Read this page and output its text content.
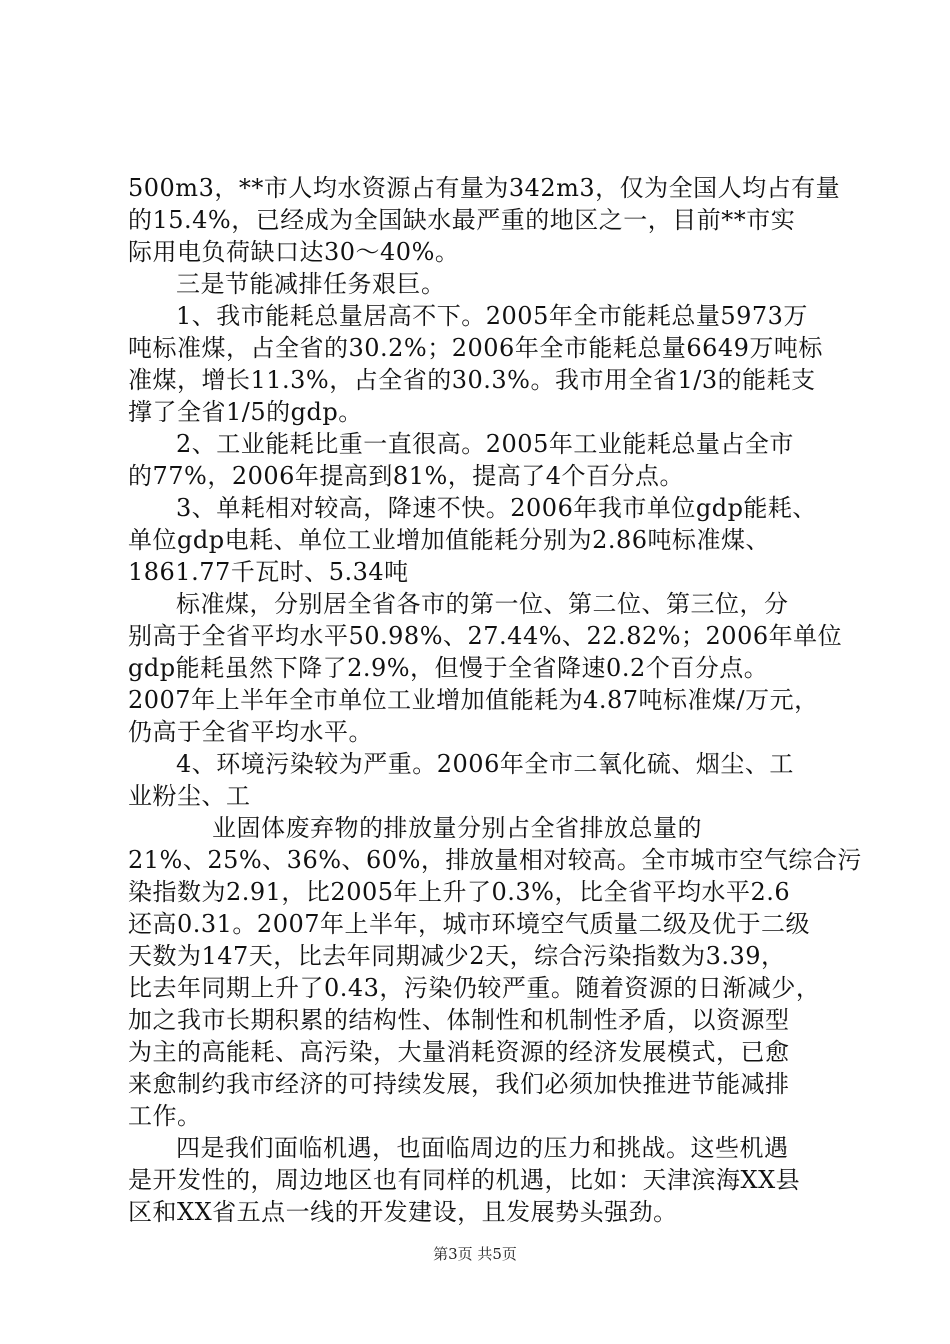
500m3，**市人均水资源占有量为342m3，仅为全国人均占有量
的15.4%，已经成为全国缺水最严重的地区之一，目前**市实
际用电负荷缺口达30～40%。
三是节能减排任务艰巨。
1、我市能耗总量居高不下。2005年全市能耗总量5973万
吨标准煤，占全省的30.2%；2006年全市能耗总量6649万吨标
准煤，增长11.3%，占全省的30.3%。我市用全省1/3的能耗支
撑了全省1/5的gdp。
2、工业能耗比重一直很高。2005年工业能耗总量占全市
的77%，2006年提高到81%，提高了4个百分点。
3、单耗相对较高，降速不快。2006年我市单位gdp能耗、
单位gdp电耗、单位工业增加值能耗分别为2.86吨标准煤、
1861.77千瓦时、5.34吨
标准煤，分别居全省各市的第一位、第二位、第三位，分
别高于全省平均水平50.98%、27.44%、22.82%；2006年单位
gdp能耗虽然下降了2.9%，但慢于全省降速0.2个百分点。
2007年上半年全市单位工业增加值能耗为4.87吨标准煤/万元，
仍高于全省平均水平。
4、环境污染较为严重。2006年全市二氧化硫、烟尘、工
业粉尘、工
业固体废弃物的排放量分别占全省排放总量的
21%、25%、36%、60%，排放量相对较高。全市城市空气综合污
染指数为2.91，比2005年上升了0.3%，比全省平均水平2.6
还高0.31。2007年上半年，城市环境空气质量二级及优于二级
天数为147天，比去年同期减少2天，综合污染指数为3.39，
比去年同期上升了0.43，污染仍较严重。随着资源的日渐减少，
加之我市长期积累的结构性、体制性和机制性矛盾，以资源型
为主的高能耗、高污染，大量消耗资源的经济发展模式，已愈
来愈制约我市经济的可持续发展，我们必须加快推进节能减排
工作。
四是我们面临机遇，也面临周边的压力和挑战。这些机遇
是开发性的，周边地区也有同样的机遇，比如：天津滨海XX县
区和XX省五点一线的开发建设，且发展势头强劲。
第3页 共5页
